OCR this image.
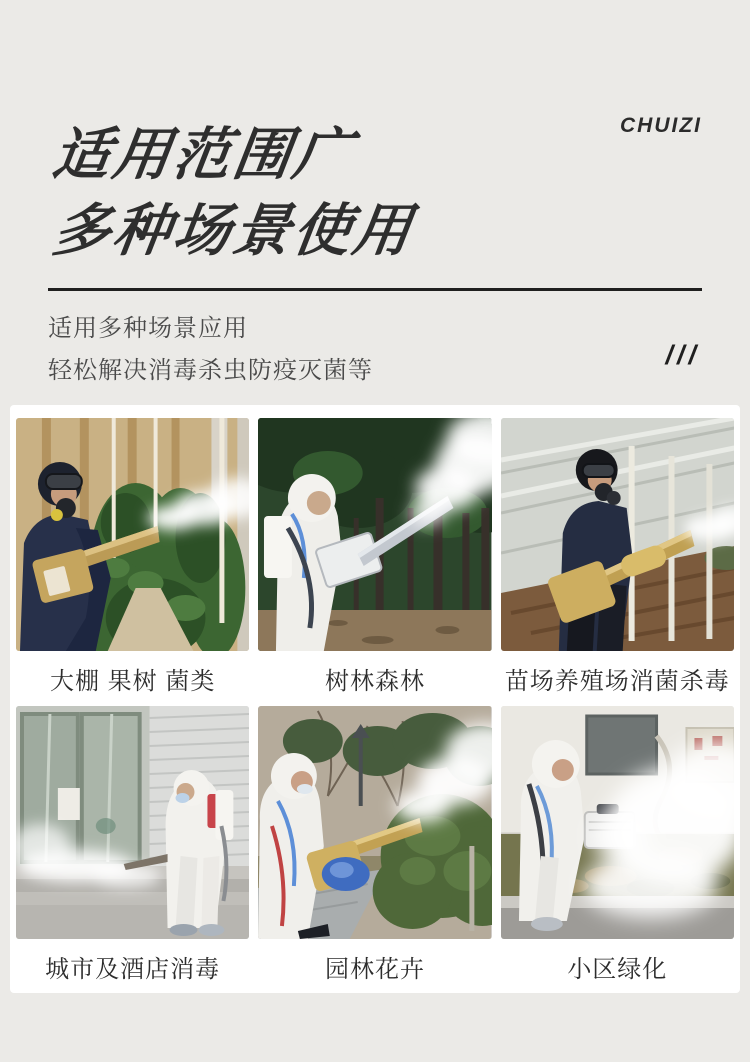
CHUIZI
适用范围广
多种场景使用
适用多种场景应用
轻松解决消毒杀虫防疫灭菌等
///
大棚 果树 菌类	树林森林	苗场养殖场消菌杀毒
城市及酒店消毒	园林花卉	小区绿化
